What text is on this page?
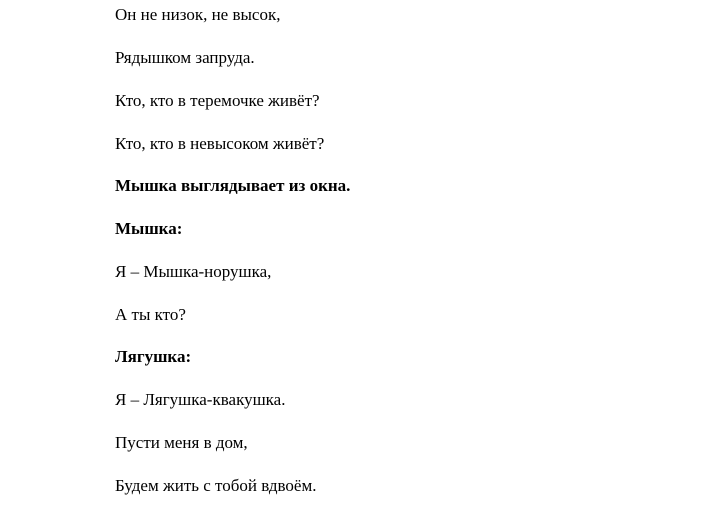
Он не низок, не высок,

Рядышком запруда.

Кто, кто в теремочке живёт?

Кто, кто в невысоком живёт?

Мышка выглядывает из окна.

Мышка:

Я – Мышка-норушка,

А ты кто?

Лягушка:

Я – Лягушка-квакушка.

Пусти меня в дом,

Будем жить с тобой вдвоём.
